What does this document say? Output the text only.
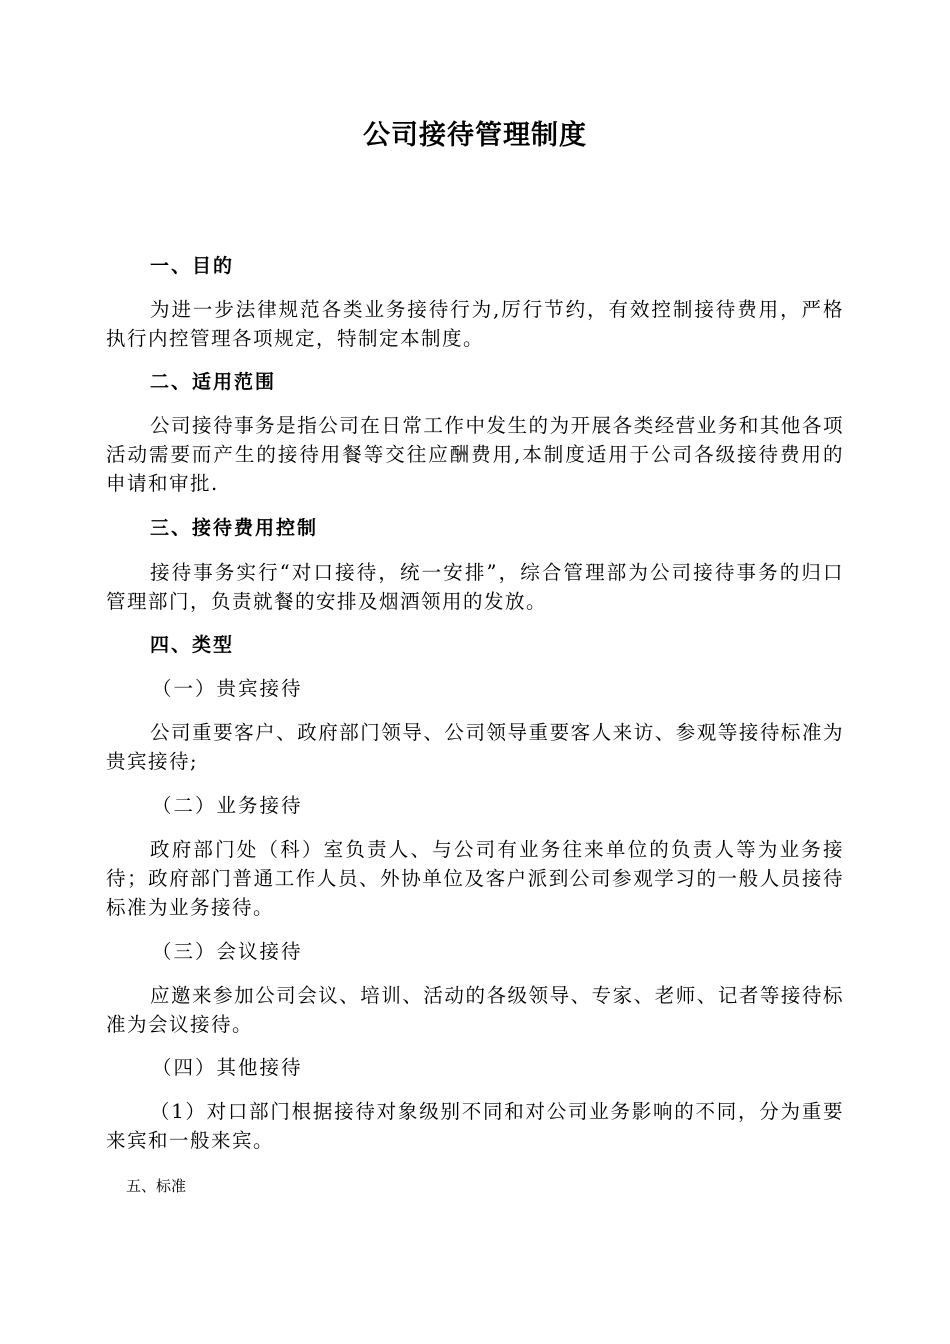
公司接待管理制度
一、目的

为进一步法律规范各类业务接待行为,厉行节约，有效控制接待费用，严格执行内控管理各项规定，特制定本制度。

二、适用范围

公司接待事务是指公司在日常工作中发生的为开展各类经营业务和其他各项活动需要而产生的接待用餐等交往应酬费用,本制度适用于公司各级接待费用的申请和审批.

三、接待费用控制

接待事务实行“对口接待，统一安排”，综合管理部为公司接待事务的归口管理部门，负责就餐的安排及烟酒领用的发放。

四、类型
（一）贵宾接待

公司重要客户、政府部门领导、公司领导重要客人来访、参观等接待标准为贵宾接待;

（二）业务接待

政府部门处（科）室负责人、与公司有业务往来单位的负责人等为业务接待；政府部门普通工作人员、外协单位及客户派到公司参观学习的一般人员接待标准为业务接待。

（三）会议接待

应邀来参加公司会议、培训、活动的各级领导、专家、老师、记者等接待标准为会议接待。

（四）其他接待

（1）对口部门根据接待对象级别不同和对公司业务影响的不同，分为重要来宾和一般来宾。

五、标准
